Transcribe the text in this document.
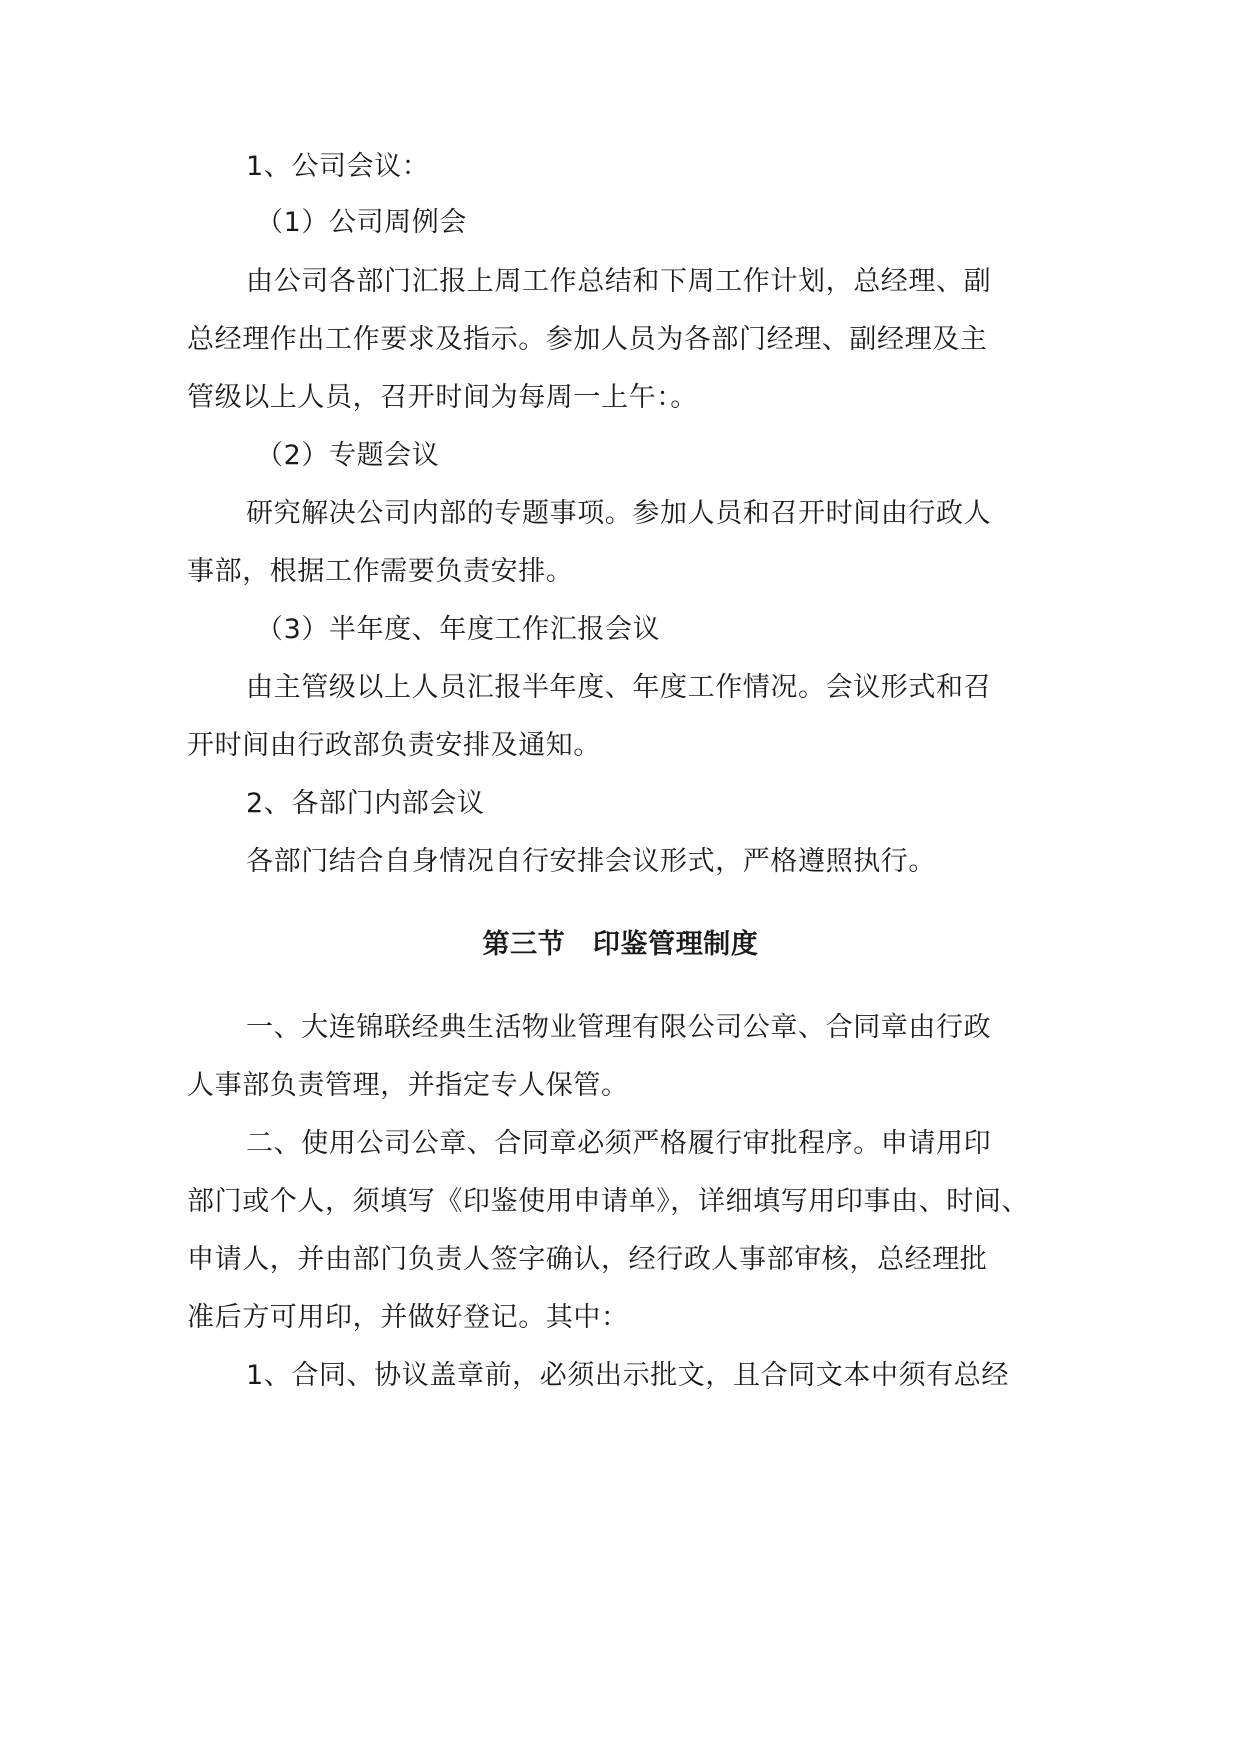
1、公司会议：
（1）公司周例会
由公司各部门汇报上周工作总结和下周工作计划，总经理、副
总经理作出工作要求及指示。参加人员为各部门经理、副经理及主
管级以上人员，召开时间为每周一上午：。
（2）专题会议
研究解决公司内部的专题事项。参加人员和召开时间由行政人
事部，根据工作需要负责安排。
（3）半年度、年度工作汇报会议
由主管级以上人员汇报半年度、年度工作情况。会议形式和召
开时间由行政部负责安排及通知。
2、各部门内部会议
各部门结合自身情况自行安排会议形式，严格遵照执行。
第三节　印鉴管理制度
一、大连锦联经典生活物业管理有限公司公章、合同章由行政
人事部负责管理，并指定专人保管。
二、使用公司公章、合同章必须严格履行审批程序。申请用印
部门或个人，须填写《印鉴使用申请单》，详细填写用印事由、时间、
申请人，并由部门负责人签字确认，经行政人事部审核，总经理批
准后方可用印，并做好登记。其中：
1、合同、协议盖章前，必须出示批文，且合同文本中须有总经
